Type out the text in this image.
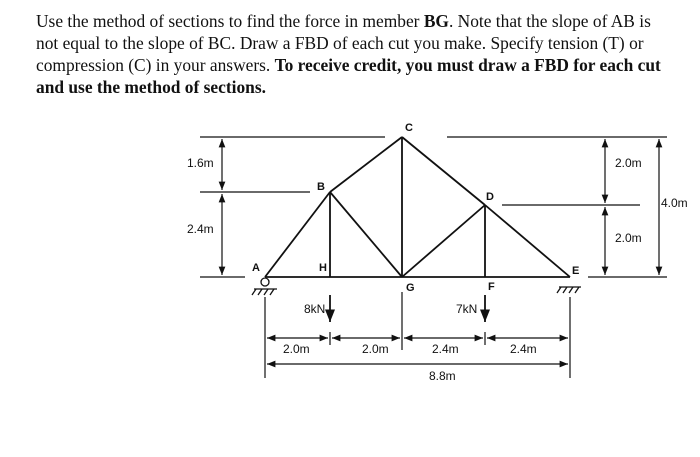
Use the method of sections to find the force in member BG. Note that the slope of AB is not equal to the slope of BC. Draw a FBD of each cut you make. Specify tension (T) or compression (C) in your answers. To receive credit, you must draw a FBD for each cut and use the method of sections.
A
B
C
D
E
F
G
H
1.6m
2.4m
2.0m
2.0m
4.0m
8kN	7kN
2.0m	2.0m	2.4m	2.4m
8.8m
